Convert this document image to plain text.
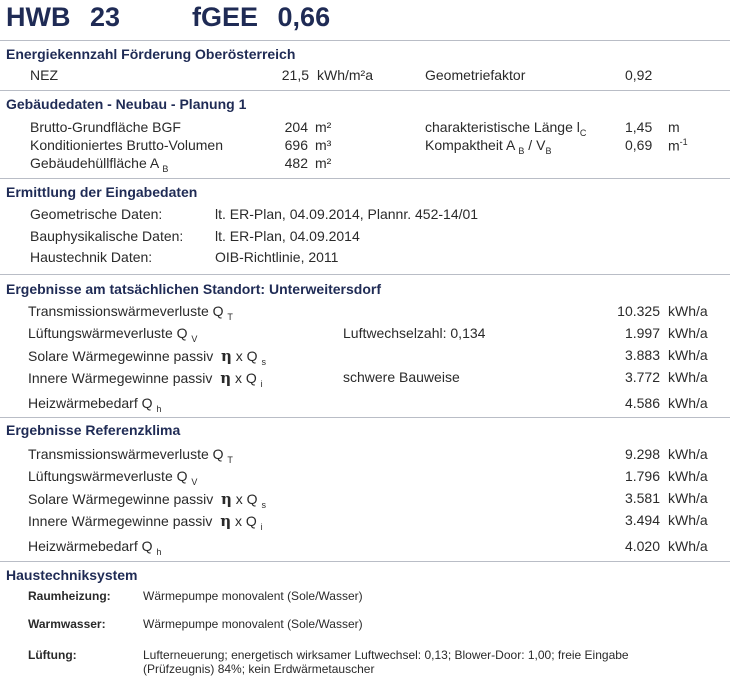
HWB 23	fGEE 0,66
Energiekennzahl Förderung Oberösterreich
NEZ	21,5 kWh/m²a	Geometriefaktor	0,92
Gebäudedaten - Neubau - Planung 1
Brutto-Grundfläche BGF	204 m²
Konditioniertes Brutto-Volumen	696 m³
Gebäudehüllfläche A $_B$	482 m²
charakteristische Länge $l_C$	1,45 m
Kompaktheit A $_B / V_B$	0,69 $m^{-1}$
Ermittlung der Eingabedaten
Geometrische Daten:	lt. ER-Plan, 04.09.2014, Plannr. 452-14/01
Bauphysikalische Daten: lt. ER-Plan, 04.09.2014
Haustechnik Daten:	OIB-Richtlinie, 2011
Ergebnisse am tatsächlichen Standort: Unterweitersdorf
Transmissionswärmeverluste Q $_T$	10.325 kWh/a
Lüftungswärmeverluste Q $_V$	Luftwechselzahl: 0,134	1.997 kWh/a
Solare Wärmegewinne passiv η x Q $_s$	3.883 kWh/a
Innere Wärmegewinne passiv η x Q $_i$	schwere Bauweise	3.772 kWh/a
Heizwärmebedarf Q $_h$	4.586 kWh/a
Ergebnisse Referenzklima
Transmissionswärmeverluste Q $_T$	9.298 kWh/a
Lüftungswärmeverluste Q $_V$	1.796 kWh/a
Solare Wärmegewinne passiv η x Q $_s$	3.581 kWh/a
Innere Wärmegewinne passiv η x Q $_i$	3.494 kWh/a
Heizwärmebedarf Q $_h$	4.020 kWh/a
Haustechniksystem
Raumheizung:	Wärmepumpe monovalent (Sole/Wasser)
Warmwasser:	Wärmepumpe monovalent (Sole/Wasser)
Lüftung:	Lufterneuerung; energetisch wirksamer Luftwechsel: 0,13; Blower-Door: 1,00; freie Eingabe
(Prüfzeugnis) 84%; kein Erdwärmetauscher
